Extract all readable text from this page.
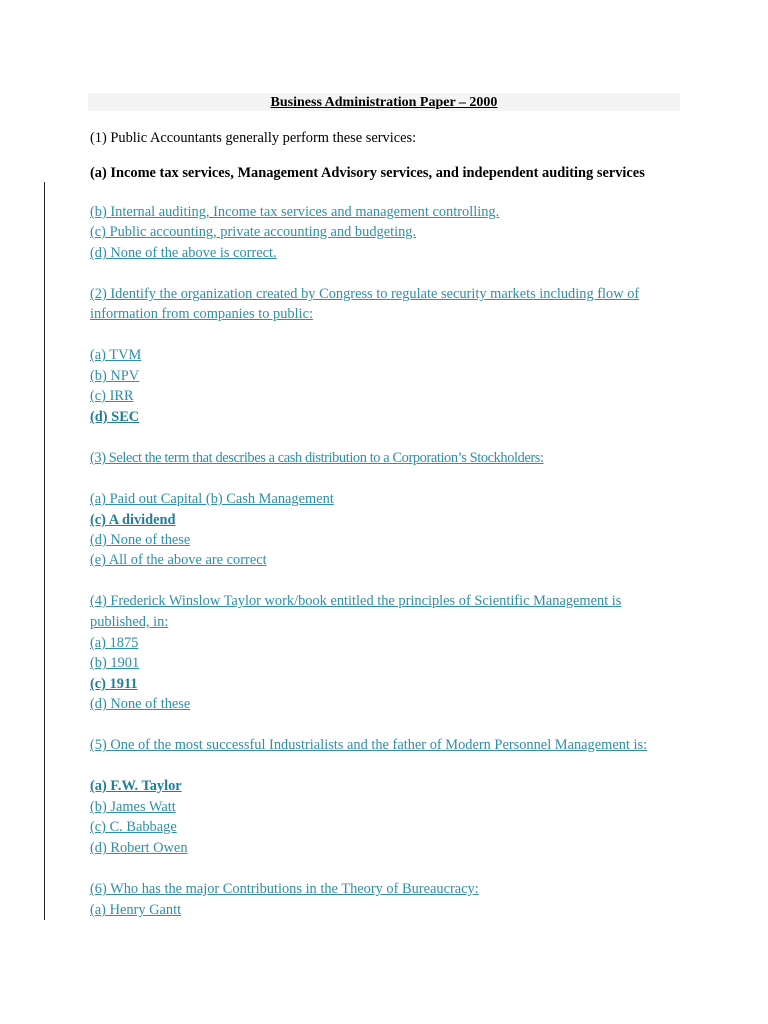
Business Administration Paper – 2000
(1) Public Accountants generally perform these services:
(a) Income tax services, Management Advisory services, and independent auditing services
(b) Internal auditing, Income tax services and management controlling.
(c) Public accounting, private accounting and budgeting.
(d) None of the above is correct.
(2) Identify the organization created by Congress to regulate security markets including flow of
information from companies to public:
(a) TVM
(b) NPV
(c) IRR
(d) SEC
(3) Select the term that describes a cash distribution to a Corporation’s Stockholders:
(a) Paid out Capital (b) Cash Management
(c) A dividend
(d) None of these
(e) All of the above are correct
(4) Frederick Winslow Taylor work/book entitled the principles of Scientific Management is
published, in:
(a) 1875
(b) 1901
(c) 1911
(d) None of these
(5) One of the most successful Industrialists and the father of Modern Personnel Management is:
(a) F.W. Taylor
(b) James Watt
(c) C. Babbage
(d) Robert Owen
(6) Who has the major Contributions in the Theory of Bureaucracy:
(a) Henry Gantt
